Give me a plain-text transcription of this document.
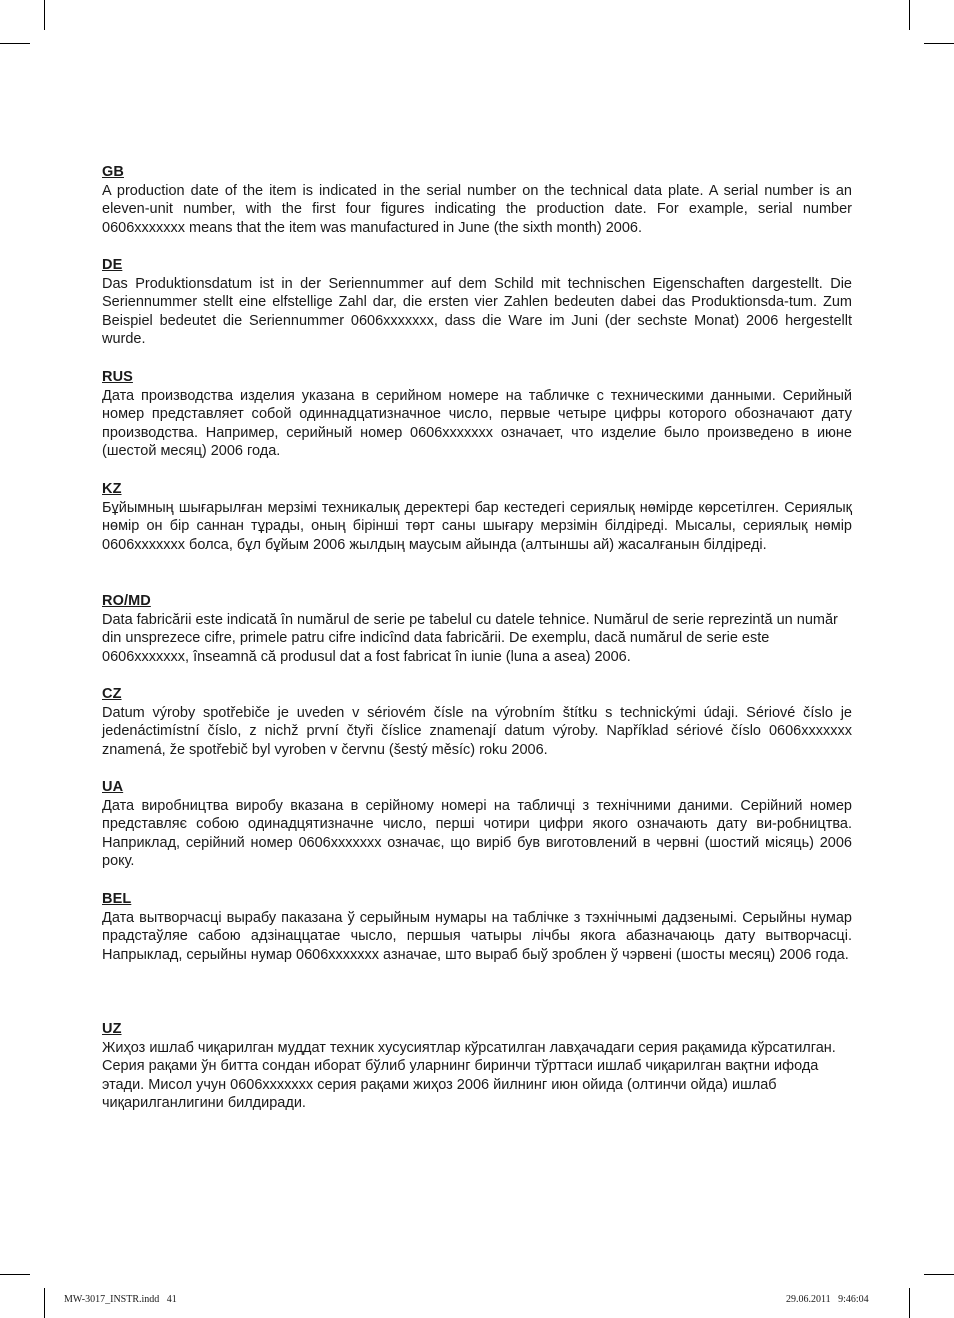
GB
A production date of the item is indicated in the serial number on the technical data plate. A serial number is an eleven-unit number, with the first four figures indicating the production date. For example, serial number 0606xxxxxxx means that the item was manufactured in June (the sixth month) 2006.
DE
Das Produktionsdatum ist in der Seriennummer auf dem Schild mit technischen Eigenschaften dargestellt. Die Seriennummer stellt eine elfstellige Zahl dar, die ersten vier Zahlen bedeuten dabei das Produktionsda-tum. Zum Beispiel bedeutet die Seriennummer 0606xxxxxxx, dass die Ware im Juni (der sechste Monat) 2006 hergestellt wurde.
RUS
Дата производства изделия указана в серийном номере на табличке с техническими данными. Серийный номер представляет собой одиннадцатизначное число, первые четыре цифры которого обозначают дату производства. Например, серийный номер 0606ххххххх означает, что изделие было произведено в июне (шестой месяц) 2006 года.
KZ
Бұйымның шығарылған мерзімі техникалық деректері бар кестедегі сериялық нөмірде көрсетілген. Сериялық нөмір он бір саннан тұрады, оның бірінші төрт саны шығару мерзімін білдіреді. Мысалы, сериялық нөмір 0606ххххххх болса, бұл бұйым 2006 жылдың маусым айында (алтыншы ай) жасалғанын білдіреді.
RO/MD
Data fabricării este indicată în numărul de serie pe tabelul cu datele tehnice. Numărul de serie reprezintă un număr din unsprezece cifre, primele patru cifre indicînd data fabricării. De exemplu, dacă numărul de serie este 0606xxxxxxx, înseamnă că produsul dat a fost fabricat în iunie (luna a asea) 2006.
CZ
Datum výroby spotřebiče je uveden v sériovém čísle na výrobním štítku s technickými údaji. Sériové číslo je jedenáctimístní číslo, z nichž první čtyři číslice znamenají datum výroby. Například sériové číslo 0606xxxxxxx znamená, že spotřebič byl vyroben v červnu (šestý měsíc) roku 2006.
UA
Дата виробництва виробу вказана в серійному номері на табличці з технічними даними. Серійний номер представляє собою одинадцятизначне число, перші чотири цифри якого означають дату ви-робництва. Наприклад, серійний номер 0606ххххххх означає, що виріб був виготовлений в червні (шостий місяць) 2006 року.
BEL
Дата вытворчасці вырабу паказана ў серыйным нумары на таблічке з тэхнічнымі дадзенымі. Серыйны нумар прадстаўляе сабою адзінаццатае чысло, першыя чатыры лічбы якога абазначаюць дату вытворчасці. Напрыклад, серыйны нумар 0606ххххххх азначае, што выраб быў зроблен ў чэрвені (шосты месяц) 2006 года.
UZ
Жиҳоз ишлаб чиқарилган муддат техник хусусиятлар кўрсатилган лавҳачадаги серия рақамида кўрсатилган. Серия рақами ўн битта сондан иборат бўлиб уларнинг биринчи тўрттаси ишлаб чиқарилган вақтни ифода этади. Мисол учун 0606ххххххх серия рақами жиҳоз 2006 йилнинг июн ойида (олтинчи ойда) ишлаб чиқарилганлигини билдиради.
MW-3017_INSTR.indd   41	29.06.2011   9:46:04
